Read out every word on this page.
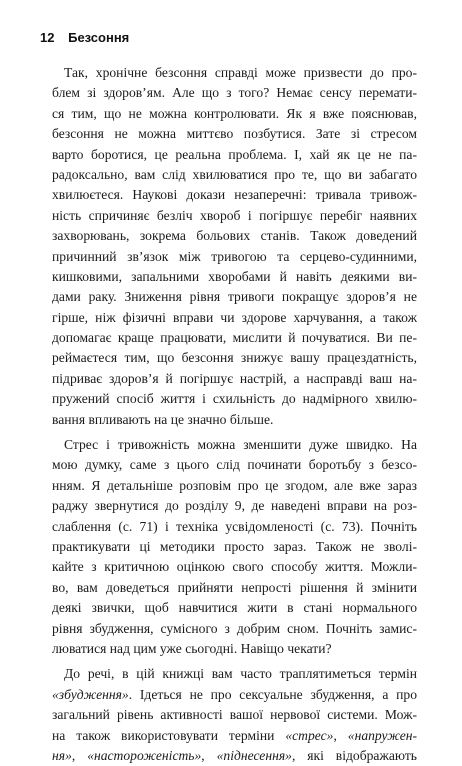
12 Безсоння
Так, хронічне безсоння справді може призвести до про-
блем зі здоров’ям. Але що з того? Немає сенсу перемати-
ся тим, що не можна контролювати. Як я вже пояснював,
безсоння не можна миттєво позбутися. Зате зі стресом
варто боротися, це реальна проблема. І, хай як це не па-
радоксально, вам слід хвилюватися про те, що ви забагато
хвилюєтеся. Наукові докази незаперечні: тривала тривож-
ність спричиняє безліч хвороб і погіршує перебіг наявних
захворювань, зокрема больових станів. Також доведений
причинний зв’язок між тривогою та серцево-судинними,
кишковими, запальними хворобами й навіть деякими ви-
дами раку. Зниження рівня тривоги покращує здоров’я не
гірше, ніж фізичні вправи чи здорове харчування, а також
допомагає краще працювати, мислити й почуватися. Ви пе-
реймаєтеся тим, що безсоння знижує вашу працездатність,
підриває здоров’я й погіршує настрій, а насправді ваш на-
пружений спосіб життя і схильність до надмірного хвилю-
вання впливають на це значно більше.
Стрес і тривожність можна зменшити дуже швидко. На
мою думку, саме з цього слід починати боротьбу з безсо-
нням. Я детальніше розповім про це згодом, але вже зараз
раджу звернутися до розділу 9, де наведені вправи на роз-
слаблення (с. 71) і техніка усвідомленості (с. 73). Почніть
практикувати ці методики просто зараз. Також не зволі-
кайте з критичною оцінкою свого способу життя. Можли-
во, вам доведеться прийняти непрості рішення й змінити
деякі звички, щоб навчитися жити в стані нормального
рівня збудження, сумісного з добрим сном. Почніть замис-
люватися над цим уже сьогодні. Навіщо чекати?
До речі, в цій книжці вам часто траплятиметься термін
«збудження». Ідеться не про сексуальне збудження, а про
загальний рівень активності вашої нервової системи. Мож-
на також використовувати терміни «стрес», «напружен-
ня», «настороженість», «піднесення», які відображають
